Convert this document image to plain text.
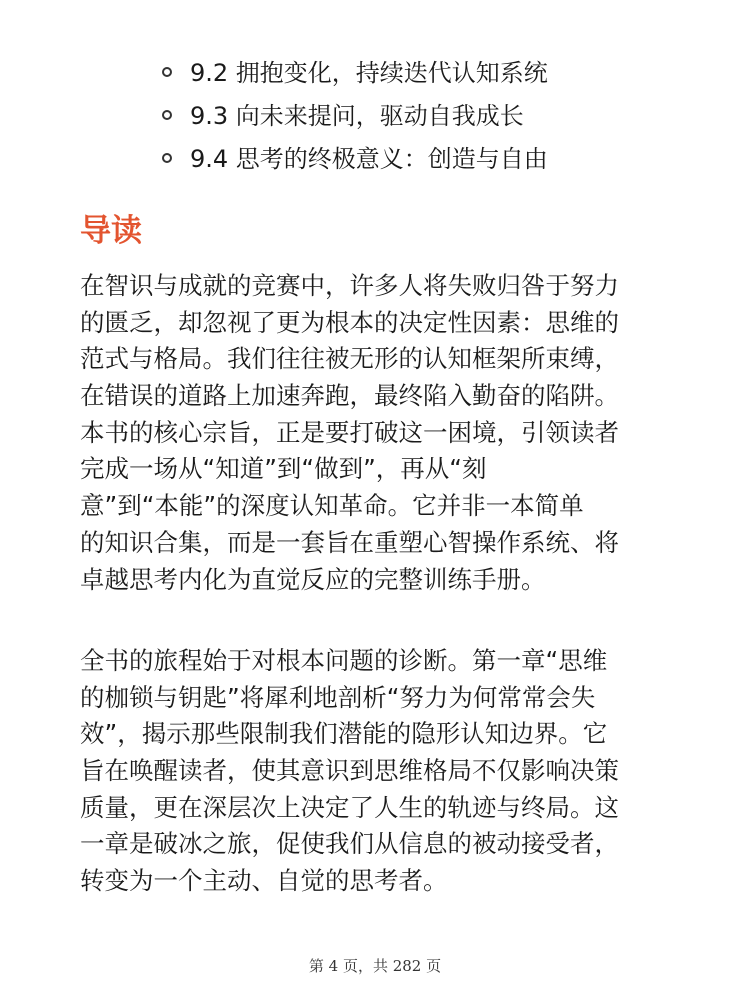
9.2 拥抱变化，持续迭代认知系统
9.3 向未来提问，驱动自我成长
9.4 思考的终极意义：创造与自由
导读
在智识与成就的竞赛中，许多人将失败归咎于努力
的匮乏，却忽视了更为根本的决定性因素：思维的
范式与格局。我们往往被无形的认知框架所束缚，
在错误的道路上加速奔跑，最终陷入勤奋的陷阱。
本书的核心宗旨，正是要打破这一困境，引领读者
完成一场从“知道”到“做到”，再从“刻
意”到“本能”的深度认知革命。它并非一本简单
的知识合集，而是一套旨在重塑心智操作系统、将
卓越思考内化为直觉反应的完整训练手册。
全书的旅程始于对根本问题的诊断。第一章“思维
的枷锁与钥匙”将犀利地剖析“努力为何常常会失
效”，揭示那些限制我们潜能的隐形认知边界。它
旨在唤醒读者，使其意识到思维格局不仅影响决策
质量，更在深层次上决定了人生的轨迹与终局。这
一章是破冰之旅，促使我们从信息的被动接受者，
转变为一个主动、自觉的思考者。
第 4 页，共 282 页
